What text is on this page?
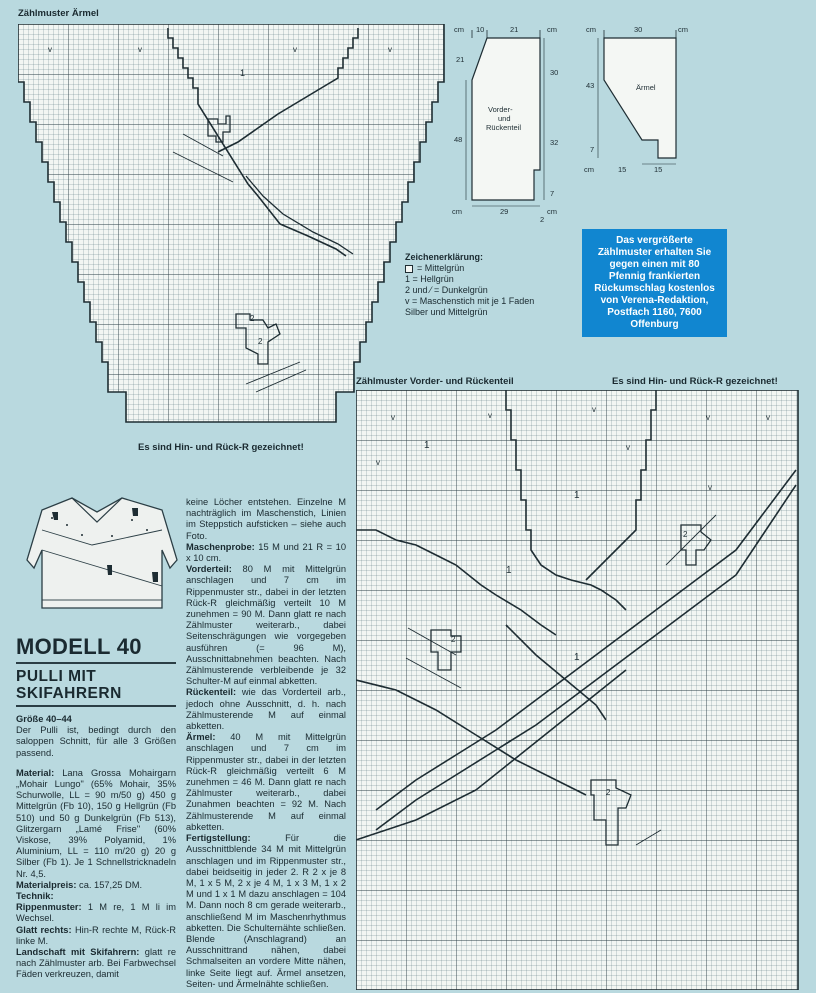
Zählmuster Ärmel
1
2
2
v	v	v	v
Es sind Hin- und Rück-R gezeichnet!
cm 10	21	cm
21
48
30
32
7
Vorder-
und
Rückenteil
cm	29	cm
2
cm	30	cm
43
7
Ärmel
cm	15	15
Zeichenerklärung:
= Mittelgrün
1 = Hellgrün
2 und ⁄ = Dunkelgrün
v = Maschenstich mit je 1 Faden
Silber und Mittelgrün
Das vergrößerte Zählmuster erhalten Sie gegen einen mit 80 Pfennig frankierten Rückumschlag kostenlos von Verena-Redaktion, Postfach 1160, 7600 Offenburg
Zählmuster Vorder- und Rückenteil	Es sind Hin- und Rück-R gezeichnet!
1
1
1
1
2
2
2
v	v
v
v	v
v
v
v
MODELL 40
PULLI MIT
SKIFAHRERN
Größe 40–44
Der Pulli ist, bedingt durch den saloppen Schnitt, für alle 3 Größen passend.
Material: Lana Grossa Mohairgarn „Mohair Lungo" (65% Mohair, 35% Schurwolle, LL = 90 m/50 g) 450 g Mittelgrün (Fb 10), 150 g Hellgrün (Fb 510) und 50 g Dunkelgrün (Fb 513), Glitzergarn „Lamé Frise" (60% Viskose, 39% Polyamid, 1% Aluminium, LL = 110 m/20 g) 20 g Silber (Fb 1). Je 1 Schnellstricknadeln Nr. 4,5.
Materialpreis: ca. 157,25 DM.
Technik:
Rippenmuster: 1 M re, 1 M li im Wechsel.
Glatt rechts: Hin-R rechte M, Rück-R linke M.
Landschaft mit Skifahrern: glatt re nach Zählmuster arb. Bei Farbwechsel Fäden verkreuzen, damit
keine Löcher entstehen. Einzelne M nachträglich im Maschenstich, Linien im Steppstich aufsticken – siehe auch Foto.
Maschenprobe: 15 M und 21 R = 10 x 10 cm.
Vorderteil: 80 M mit Mittelgrün anschlagen und 7 cm im Rippenmuster str., dabei in der letzten Rück-R gleichmäßig verteilt 10 M zunehmen = 90 M. Dann glatt re nach Zählmuster weiterarb., dabei Seitenschrägungen wie vorgegeben ausführen (= 96 M), Ausschnittabnehmen beachten. Nach Zählmusterende verbleibende je 32 Schulter-M auf einmal abketten.
Rückenteil: wie das Vorderteil arb., jedoch ohne Ausschnitt, d. h. nach Zählmusterende M auf einmal abketten.
Ärmel: 40 M mit Mittelgrün anschlagen und 7 cm im Rippenmuster str., dabei in der letzten Rück-R gleichmäßig verteilt 6 M zunehmen = 46 M. Dann glatt re nach Zählmuster weiterarb., dabei Zunahmen beachten = 92 M. Nach Zählmusterende M auf einmal abketten.
Fertigstellung:	Für die Ausschnittblende 34 M mit Mittelgrün anschlagen und im Rippenmuster str., dabei beidseitig in jeder 2. R 2 x je 8 M, 1 x 5 M, 2 x je 4 M, 1 x 3 M, 1 x 2 M und 1 x 1 M dazu anschlagen = 104 M. Dann noch 8 cm gerade weiterarb., anschließend M im Maschenrhythmus abketten. Die Schulternähte schließen. Blende (Anschlagrand) an Ausschnittrand nähen, dabei Schmalseiten an vordere Mitte nähen, linke Seite liegt auf. Ärmel ansetzen, Seiten- und Ärmelnähte schließen.
